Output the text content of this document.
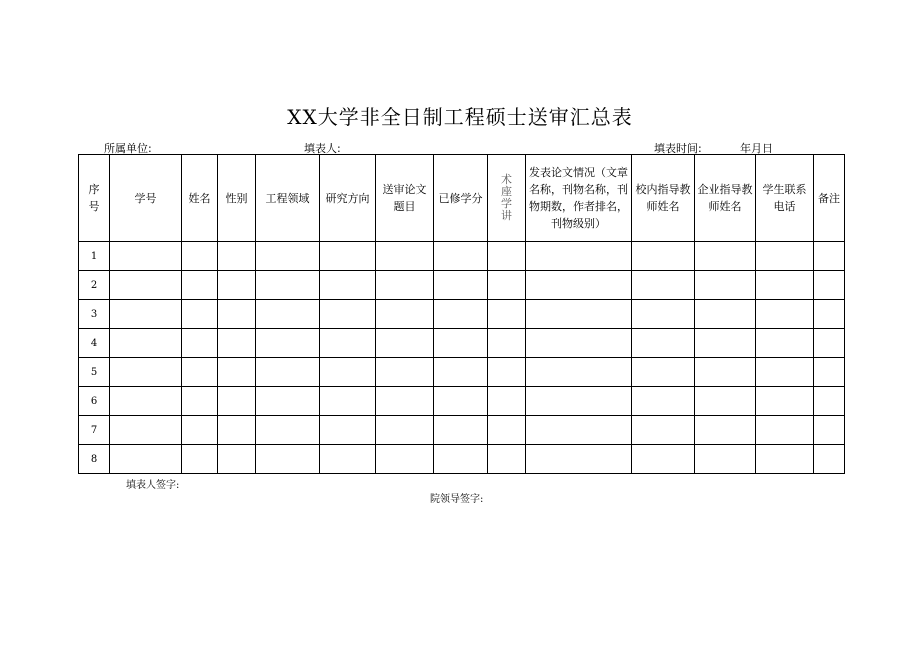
XX大学非全日制工程硕士送审汇总表
所属单位:	填表人:	填表时间:	年月日
序号	学号	姓名	性别	工程领域	研究方向	送审论文题目	已修学分	术座学讲	发表论文情况（文章名称，刊物名称，刊物期数，作者排名，刊物级别）	校内指导教师姓名	企业指导教师姓名	学生联系电话	备注
1													
2													
3													
4													
5													
6													
7													
8													
填表人签字:
院领导签字:
